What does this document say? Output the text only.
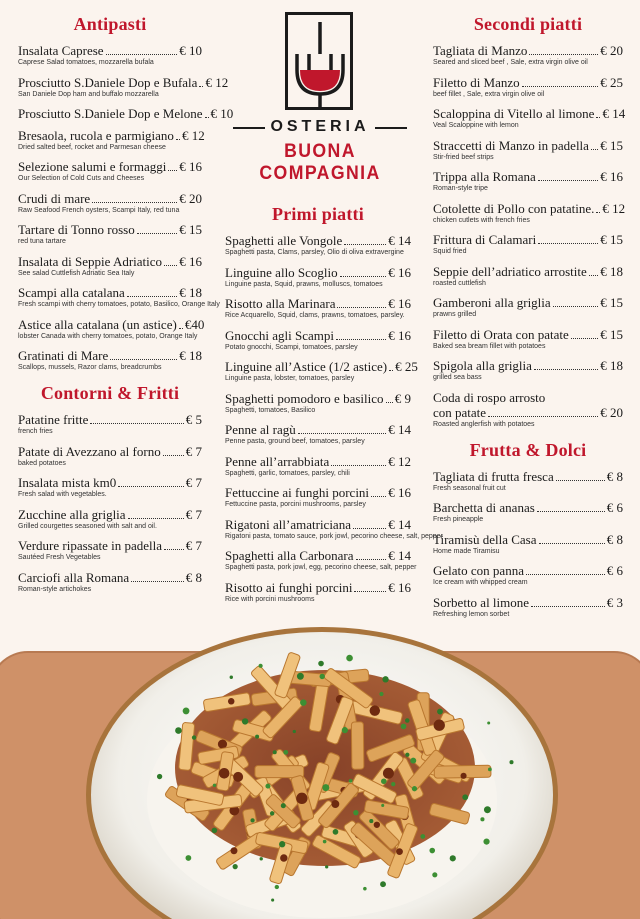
Antipasti
Insalata Caprese	€ 10
Caprese Salad tomatoes, mozzarella bufala
Prosciutto S.Daniele Dop e Bufala € 12
San Daniele Dop ham and buffalo mozzarella
Prosciutto S.Daniele Dop e Melone € 10
Bresaola, rucola e parmigiano € 12
Dried salted beef, rocket and Parmesan cheese
Selezione salumi e formaggi € 16
Our Selection of Cold Cuts and Cheeses
Crudi di mare	€ 20
Raw Seafood French oysters, Scampi Italy, red tuna
Tartare di Tonno rosso	€ 15
red tuna tartare
Insalata di Seppie Adriatico € 16
See salad Cuttlefish Adriatic Sea Italy
Scampi alla catalana	€ 18
Fresh scampi with cherry tomatoes, potato, Basilico, Orange Italy
Astice alla catalana (un astice) €40
lobster Canada with cherry tomatoes, potato, Orange Italy
Gratinati di Mare	€ 18
Scallops, mussels, Razor clams, breadcrumbs
Contorni & Fritti
Patatine fritte	€ 5
french fries
Patate di Avezzano al forno € 7
baked potatoes
Insalata mista km0	€ 7
Fresh salad with vegetables.
Zucchine alla griglia	€ 7
Grilled courgettes seasoned with salt and oil.
Verdure ripassate in padella € 7
Sautéed Fresh Vegetables
Carciofi alla Romana	€ 8
Roman-style artichokes
OSTERIA
BUONA COMPAGNIA
Primi piatti
Spaghetti alle Vongole	€ 14
Spaghetti pasta, Clams, parsley, Olio di oliva extravergine
Linguine allo Scoglio	€ 16
Linguine pasta, Squid, prawns, molluscs, tomatoes
Risotto alla Marinara	€ 16
Rice Acquarello, Squid, clams, prawns, tomatoes, parsley.
Gnocchi agli Scampi	€ 16
Potato gnocchi, Scampi, tomatoes, parsley
Linguine all’Astice (1/2 astice) € 25
Linguine pasta, lobster, tomatoes, parsley
Spaghetti pomodoro e basilico € 9
Spaghetti, tomatoes, Basilico
Penne al ragù	€ 14
Penne pasta, ground beef, tomatoes, parsley
Penne all’arrabbiata	€ 12
Spaghetti, garlic, tomatoes, parsley, chili
Fettuccine ai funghi porcini € 16
Fettuccine pasta, porcini mushrooms, parsley
Rigatoni all’amatriciana	€ 14
Rigatoni pasta, tomato sauce, pork jowl, pecorino cheese, salt, pepper
Spaghetti alla Carbonara	€ 14
Spaghetti pasta, pork jowl, egg, pecorino cheese, salt, pepper
Risotto ai funghi porcini	€ 16
Rice with porcini mushrooms
Secondi piatti
Tagliata di Manzo	€ 20
Seared and sliced beef , Sale, extra virgin olive oil
Filetto di Manzo	€ 25
beef fillet , Sale, extra virgin olive oil
Scaloppina di Vitello al limone € 14
Veal Scaloppine with lemon
Straccetti di Manzo in padella € 15
Stir-fried beef strips
Trippa alla Romana	€ 16
Roman-style tripe
Cotolette di Pollo con patatine. € 12
chicken cutlets with french fries
Frittura di Calamari	€ 15
Squid fried
Seppie dell’adriatico arrostite € 18
roasted cuttlefish
Gamberoni alla griglia	€ 15
prawns grilled
Filetto di Orata con patate € 15
Baked sea bream fillet with potatoes
Spigola alla griglia	€ 18
grilled sea bass
Coda di rospo arrosto
con patate	€ 20
Roasted anglerfish with potatoes
Frutta & Dolci
Tagliata di frutta fresca	€ 8
Fresh seasonal fruit cut
Barchetta di ananas	€ 6
Fresh pineapple
Tiramisù della Casa	€ 8
Home made Tiramisu
Gelato con panna	€ 6
Ice cream with whipped cream
Sorbetto al limone	€ 3
Refreshing lemon sorbet
